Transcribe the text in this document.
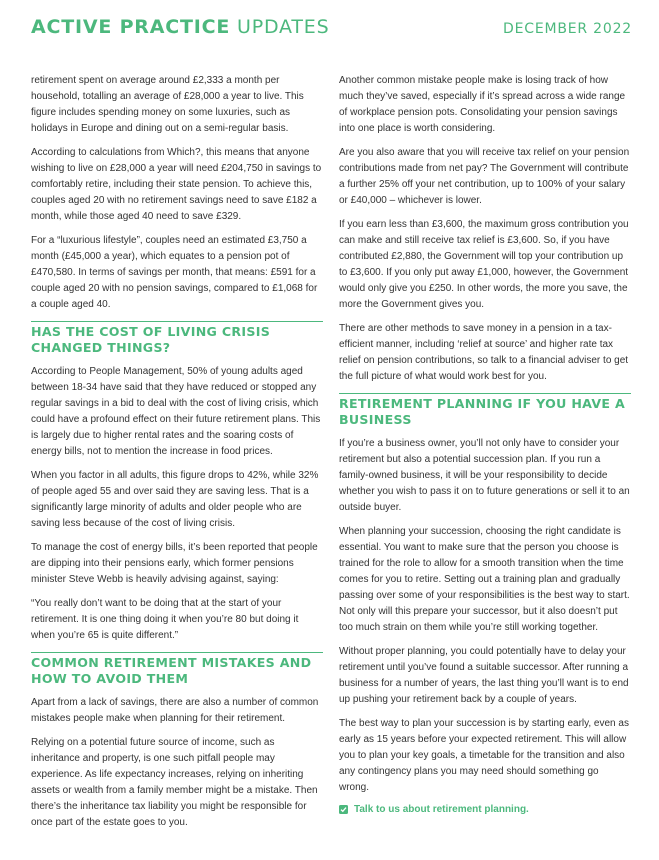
ACTIVE PRACTICE UPDATES	DECEMBER 2022

retirement spent on average around £2,333 a month per household, totalling an average of £28,000 a year to live. This figure includes spending money on some luxuries, such as holidays in Europe and dining out on a semi-regular basis.

According to calculations from Which?, this means that anyone wishing to live on £28,000 a year will need £204,750 in savings to comfortably retire, including their state pension. To achieve this, couples aged 20 with no retirement savings need to save £182 a month, while those aged 40 need to save £329.

For a “luxurious lifestyle”, couples need an estimated £3,750 a month (£45,000 a year), which equates to a pension pot of £470,580. In terms of savings per month, that means: £591 for a couple aged 20 with no pension savings, compared to £1,068 for a couple aged 40.

HAS THE COST OF LIVING CRISIS CHANGED THINGS?

According to People Management, 50% of young adults aged between 18-34 have said that they have reduced or stopped any regular savings in a bid to deal with the cost of living crisis, which could have a profound effect on their future retirement plans. This is largely due to higher rental rates and the soaring costs of energy bills, not to mention the increase in food prices.

When you factor in all adults, this figure drops to 42%, while 32% of people aged 55 and over said they are saving less. That is a significantly large minority of adults and older people who are saving less because of the cost of living crisis.

To manage the cost of energy bills, it’s been reported that people are dipping into their pensions early, which former pensions minister Steve Webb is heavily advising against, saying:

“You really don’t want to be doing that at the start of your retirement. It is one thing doing it when you’re 80 but doing it when you’re 65 is quite different.”

COMMON RETIREMENT MISTAKES AND HOW TO AVOID THEM

Apart from a lack of savings, there are also a number of common mistakes people make when planning for their retirement.

Relying on a potential future source of income, such as inheritance and property, is one such pitfall people may experience. As life expectancy increases, relying on inheriting assets or wealth from a family member might be a mistake. Then there’s the inheritance tax liability you might be responsible for once part of the estate goes to you.

Another common mistake people make is losing track of how much they’ve saved, especially if it’s spread across a wide range of workplace pension pots. Consolidating your pension savings into one place is worth considering.

Are you also aware that you will receive tax relief on your pension contributions made from net pay? The Government will contribute a further 25% off your net contribution, up to 100% of your salary or £40,000 – whichever is lower.

If you earn less than £3,600, the maximum gross contribution you can make and still receive tax relief is £3,600. So, if you have contributed £2,880, the Government will top your contribution up to £3,600. If you only put away £1,000, however, the Government would only give you £250. In other words, the more you save, the more the Government gives you.

There are other methods to save money in a pension in a tax-efficient manner, including ‘relief at source’ and higher rate tax relief on pension contributions, so talk to a financial adviser to get the full picture of what would work best for you.

RETIREMENT PLANNING IF YOU HAVE A BUSINESS

If you’re a business owner, you’ll not only have to consider your retirement but also a potential succession plan. If you run a family-owned business, it will be your responsibility to decide whether you wish to pass it on to future generations or sell it to an outside buyer.

When planning your succession, choosing the right candidate is essential. You want to make sure that the person you choose is trained for the role to allow for a smooth transition when the time comes for you to retire. Setting out a training plan and gradually passing over some of your responsibilities is the best way to start. Not only will this prepare your successor, but it also doesn’t put too much strain on them while you’re still working together.

Without proper planning, you could potentially have to delay your retirement until you’ve found a suitable successor. After running a business for a number of years, the last thing you’ll want is to end up pushing your retirement back by a couple of years.

The best way to plan your succession is by starting early, even as early as 15 years before your expected retirement. This will allow you to plan your key goals, a timetable for the transition and also any contingency plans you may need should something go wrong.

Talk to us about retirement planning.
